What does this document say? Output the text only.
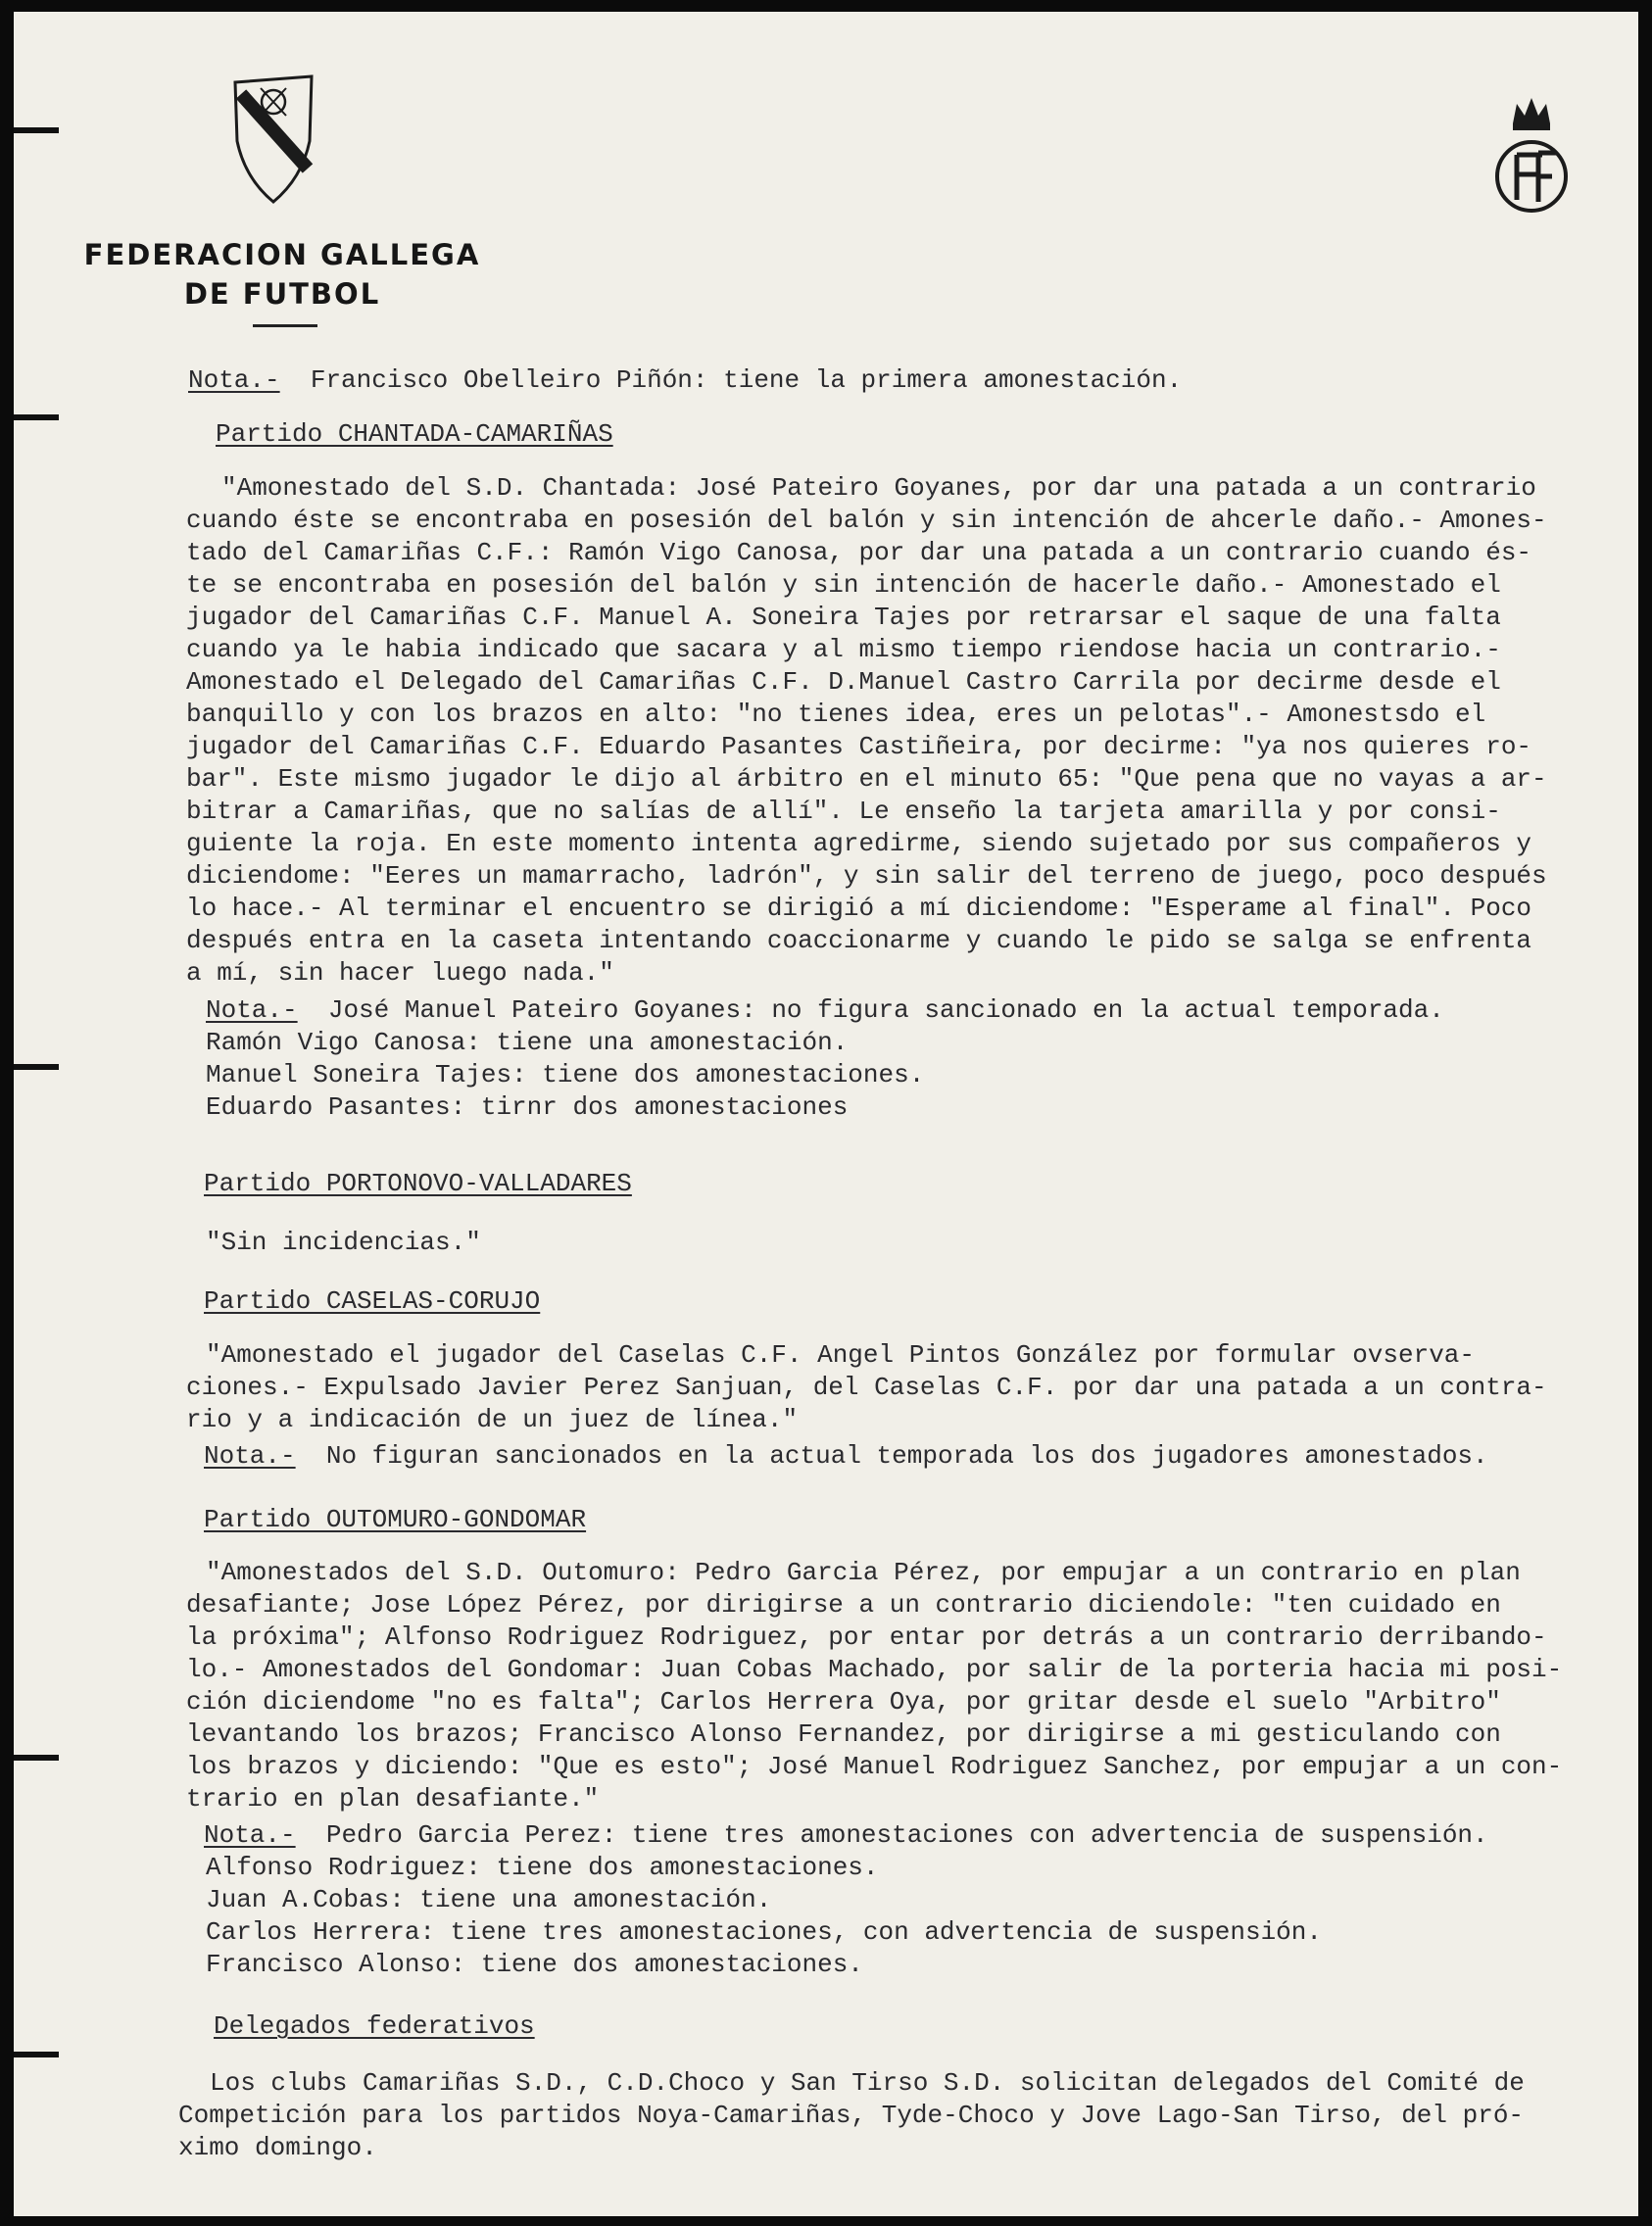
FEDERACION GALLEGA
DE FUTBOL
Nota.- Francisco Obelleiro Piñón: tiene la primera amonestación.
Partido CHANTADA-CAMARIÑAS
"Amonestado del S.D. Chantada: José Pateiro Goyanes, por dar una patada a un contrario
cuando éste se encontraba en posesión del balón y sin intención de ahcerle daño.- Amones-
tado del Camariñas C.F.: Ramón Vigo Canosa, por dar una patada a un contrario cuando és-
te se encontraba en posesión del balón y sin intención de hacerle daño.- Amonestado el
jugador del Camariñas C.F. Manuel A. Soneira Tajes por retrarsar el saque de una falta
cuando ya le habia indicado que sacara y al mismo tiempo riendose hacia un contrario.-
Amonestado el Delegado del Camariñas C.F. D.Manuel Castro Carrila por decirme desde el
banquillo y con los brazos en alto: "no tienes idea, eres un pelotas".- Amonestsdo el
jugador del Camariñas C.F. Eduardo Pasantes Castiñeira, por decirme: "ya nos quieres ro-
bar". Este mismo jugador le dijo al árbitro en el minuto 65: "Que pena que no vayas a ar-
bitrar a Camariñas, que no salías de allí". Le enseño la tarjeta amarilla y por consi-
guiente la roja. En este momento intenta agredirme, siendo sujetado por sus compañeros y
diciendome: "Eeres un mamarracho, ladrón", y sin salir del terreno de juego, poco después
lo hace.- Al terminar el encuentro se dirigió a mí diciendome: "Esperame al final". Poco
después entra en la caseta intentando coaccionarme y cuando le pido se salga se enfrenta
a mí, sin hacer luego nada."
Nota.- José Manuel Pateiro Goyanes: no figura sancionado en la actual temporada.
Ramón Vigo Canosa: tiene una amonestación.
Manuel Soneira Tajes: tiene dos amonestaciones.
Eduardo Pasantes: tirnr dos amonestaciones
Partido PORTONOVO-VALLADARES
"Sin incidencias."
Partido CASELAS-CORUJO
"Amonestado el jugador del Caselas C.F. Angel Pintos González por formular ovserva-
ciones.- Expulsado Javier Perez Sanjuan, del Caselas C.F. por dar una patada a un contra-
rio y a indicación de un juez de línea."
Nota.- No figuran sancionados en la actual temporada los dos jugadores amonestados.
Partido OUTOMURO-GONDOMAR
"Amonestados del S.D. Outomuro: Pedro Garcia Pérez, por empujar a un contrario en plan
desafiante; Jose López Pérez, por dirigirse a un contrario diciendole: "ten cuidado en
la próxima"; Alfonso Rodriguez Rodriguez, por entar por detrás a un contrario derribando-
lo.- Amonestados del Gondomar: Juan Cobas Machado, por salir de la porteria hacia mi posi-
ción diciendome "no es falta"; Carlos Herrera Oya, por gritar desde el suelo "Arbitro"
levantando los brazos; Francisco Alonso Fernandez, por dirigirse a mi gesticulando con
los brazos y diciendo: "Que es esto"; José Manuel Rodriguez Sanchez, por empujar a un con-
trario en plan desafiante."
Nota.- Pedro Garcia Perez: tiene tres amonestaciones con advertencia de suspensión.
Alfonso Rodriguez: tiene dos amonestaciones.
Juan A.Cobas: tiene una amonestación.
Carlos Herrera: tiene tres amonestaciones, con advertencia de suspensión.
Francisco Alonso: tiene dos amonestaciones.
Delegados federativos
Los clubs Camariñas S.D., C.D.Choco y San Tirso S.D. solicitan delegados del Comité de
Competición para los partidos Noya-Camariñas, Tyde-Choco y Jove Lago-San Tirso, del pró-
ximo domingo.
